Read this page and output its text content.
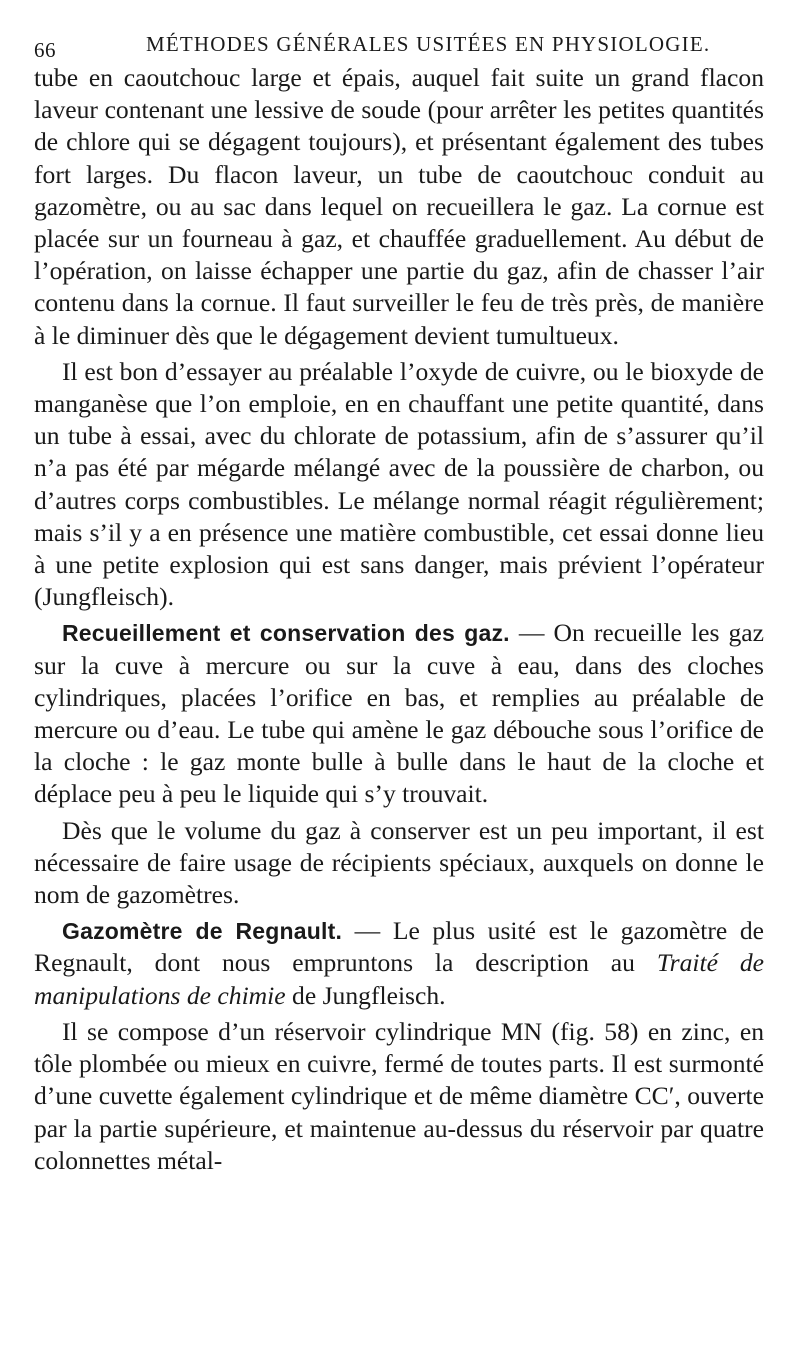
66	MÉTHODES GÉNÉRALES USITÉES EN PHYSIOLOGIE.

tube en caoutchouc large et épais, auquel fait suite un grand flacon laveur contenant une lessive de soude (pour arrêter les petites quantités de chlore qui se dégagent toujours), et présentant également des tubes fort larges. Du flacon laveur, un tube de caoutchouc conduit au gazomètre, ou au sac dans lequel on recueillera le gaz. La cornue est placée sur un fourneau à gaz, et chauffée graduellement. Au début de l’opération, on laisse échapper une partie du gaz, afin de chasser l’air contenu dans la cornue. Il faut surveiller le feu de très près, de manière à le diminuer dès que le dégagement devient tumultueux.

Il est bon d’essayer au préalable l’oxyde de cuivre, ou le bioxyde de manganèse que l’on emploie, en en chauffant une petite quantité, dans un tube à essai, avec du chlorate de potassium, afin de s’assurer qu’il n’a pas été par mégarde mélangé avec de la poussière de charbon, ou d’autres corps combustibles. Le mélange normal réagit régulièrement; mais s’il y a en présence une matière combustible, cet essai donne lieu à une petite explosion qui est sans danger, mais prévient l’opérateur (Jungfleisch).

Recueillement et conservation des gaz. — On recueille les gaz sur la cuve à mercure ou sur la cuve à eau, dans des cloches cylindriques, placées l’orifice en bas, et remplies au préalable de mercure ou d’eau. Le tube qui amène le gaz débouche sous l’orifice de la cloche : le gaz monte bulle à bulle dans le haut de la cloche et déplace peu à peu le liquide qui s’y trouvait.

Dès que le volume du gaz à conserver est un peu important, il est nécessaire de faire usage de récipients spéciaux, auxquels on donne le nom de gazomètres.

Gazomètre de Regnault. — Le plus usité est le gazomètre de Regnault, dont nous empruntons la description au Traité de manipulations de chimie de Jungfleisch.

Il se compose d’un réservoir cylindrique MN (fig. 58) en zinc, en tôle plombée ou mieux en cuivre, fermé de toutes parts. Il est surmonté d’une cuvette également cylindrique et de même diamètre CC′, ouverte par la partie supérieure, et maintenue au-dessus du réservoir par quatre colonnettes métal-
